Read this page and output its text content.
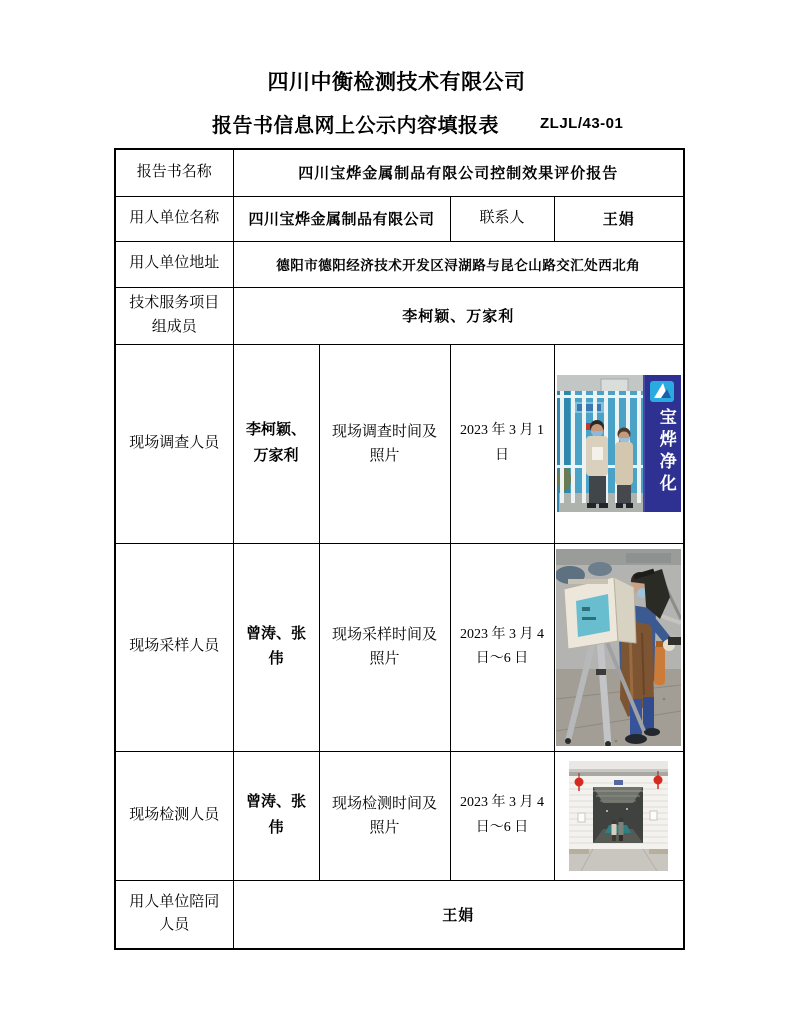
四川中衡检测技术有限公司
报告书信息网上公示内容填报表	ZLJL/43-01
报告书名称	四川宝烨金属制品有限公司控制效果评价报告			
用人单位名称	四川宝烨金属制品有限公司		联系人	王娟
用人单位地址	德阳市德阳经济技术开发区浔湖路与昆仑山路交汇处西北角			
技术服务项目组成员	李柯颖、万家利			
现场调查人员	李柯颖、万家利	现场调查时间及照片	2023 年 3 月 1 日	宝烨净化

现场采样人员	曾涛、张伟	现场采样时间及照片	2023 年 3 月 4 日～6 日	

现场检测人员	曾涛、张伟	现场检测时间及照片	2023 年 3 月 4 日～6 日	

用人单位陪同人员	王娟			
